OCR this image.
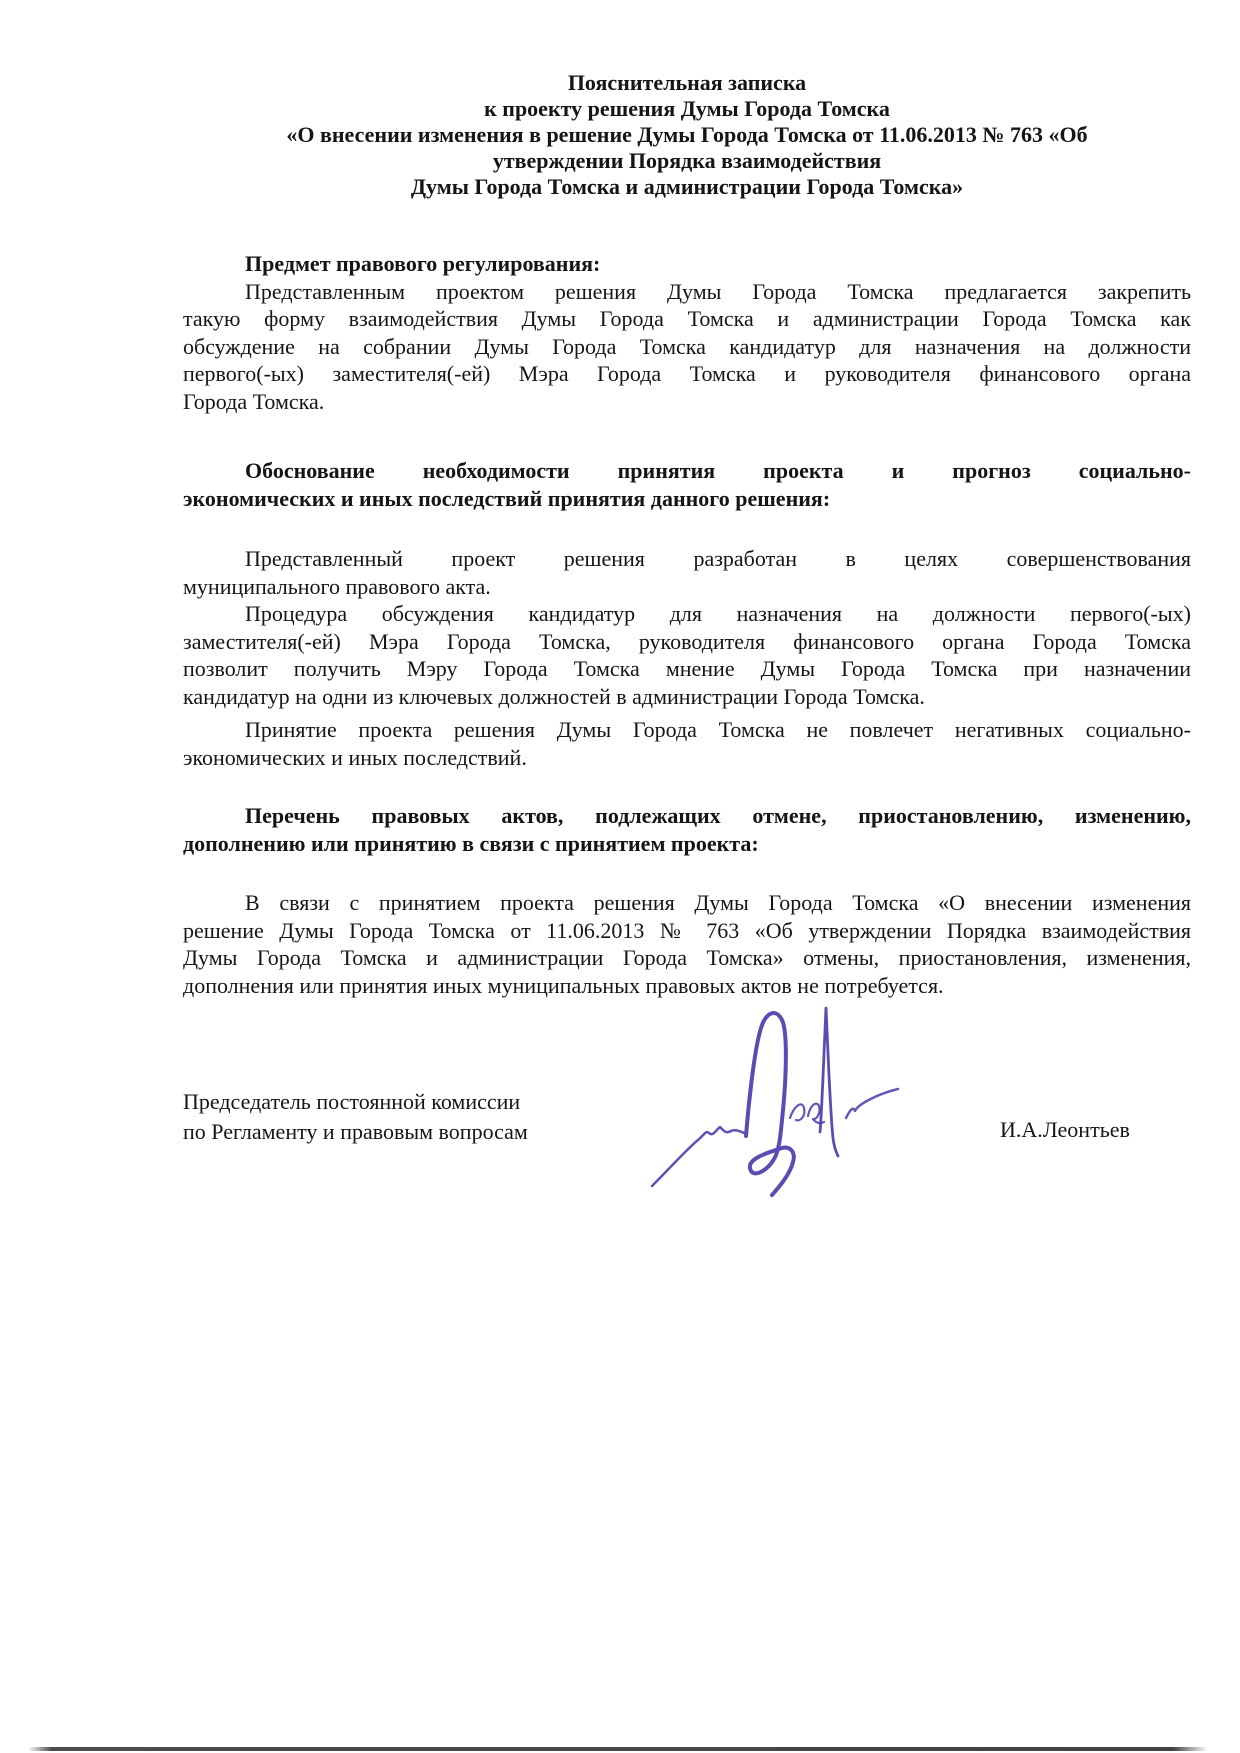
Пояснительная записка
к проекту решения Думы Города Томска
«О внесении изменения в решение Думы Города Томска от 11.06.2013 № 763 «Об
утверждении Порядка взаимодействия
Думы Города Томска и администрации Города Томска»
Предмет правового регулирования:
Представленным проектом решения Думы Города Томска предлагается закрепить
такую форму взаимодействия Думы Города Томска и администрации Города Томска как
обсуждение на собрании Думы Города Томска кандидатур для назначения на должности
первого(-ых) заместителя(-ей) Мэра Города Томска и руководителя финансового органа
Города Томска.
Обоснование необходимости принятия проекта и прогноз социально-
экономических и иных последствий принятия данного решения:
Представленный проект решения разработан в целях совершенствования
муниципального правового акта.
Процедура обсуждения кандидатур для назначения на должности первого(-ых)
заместителя(-ей) Мэра Города Томска, руководителя финансового органа Города Томска
позволит получить Мэру Города Томска мнение Думы Города Томска при назначении
кандидатур на одни из ключевых должностей в администрации Города Томска.
Принятие проекта решения Думы Города Томска не повлечет негативных социально-
экономических и иных последствий.
Перечень правовых актов, подлежащих отмене, приостановлению, изменению,
дополнению или принятию в связи с принятием проекта:
В связи с принятием проекта решения Думы Города Томска «О внесении изменения
решение Думы Города Томска от 11.06.2013 № 763 «Об утверждении Порядка взаимодействия
Думы Города Томска и администрации Города Томска» отмены, приостановления, изменения,
дополнения или принятия иных муниципальных правовых актов не потребуется.
Председатель постоянной комиссии
по Регламенту и правовым вопросам	И.А.Леонтьев
